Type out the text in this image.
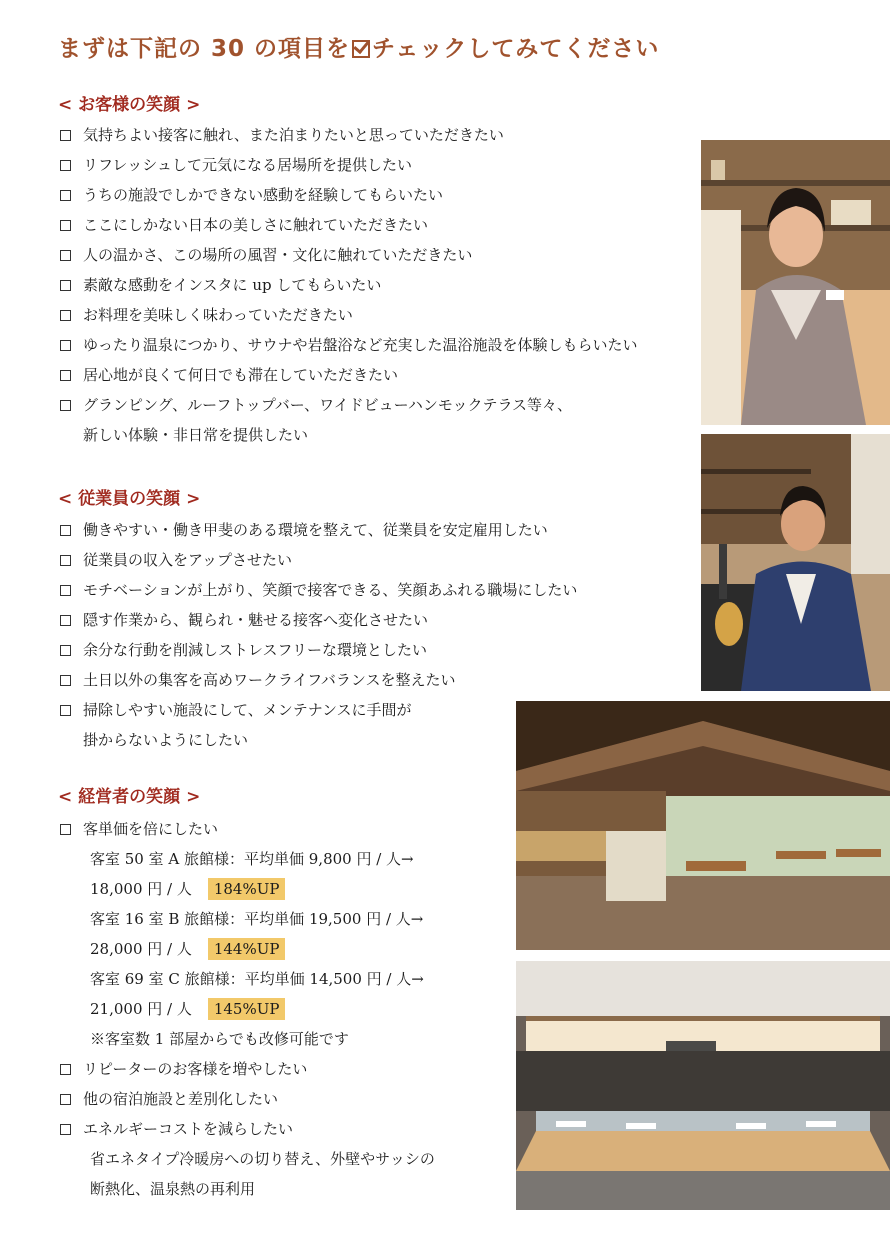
まずは下記の 30 の項目を チェックしてみてください
< お客様の笑顔 >
気持ちよい接客に触れ、また泊まりたいと思っていただきたい
リフレッシュして元気になる居場所を提供したい
うちの施設でしかできない感動を経験してもらいたい
ここにしかない日本の美しさに触れていただきたい
人の温かさ、この場所の風習・文化に触れていただきたい
素敵な感動をインスタに up してもらいたい
お料理を美味しく味わっていただきたい
ゆったり温泉につかり、サウナや岩盤浴など充実した温浴施設を体験しもらいたい
居心地が良くて何日でも滞在していただきたい
グランピング、ルーフトップバー、ワイドビューハンモックテラス等々、
新しい体験・非日常を提供したい
< 従業員の笑顔 >
働きやすい・働き甲斐のある環境を整えて、従業員を安定雇用したい
従業員の収入をアップさせたい
モチベーションが上がり、笑顔で接客できる、笑顔あふれる職場にしたい
隠す作業から、観られ・魅せる接客へ変化させたい
余分な行動を削減しストレスフリーな環境としたい
土日以外の集客を高めワークライフバランスを整えたい
掃除しやすい施設にして、メンテナンスに手間が
掛からないようにしたい
< 経営者の笑顔 >
客単価を倍にしたい
客室 50 室 A 旅館様：平均単価 9,800 円 / 人→
18,000 円 / 人 184%UP
客室 16 室 B 旅館様：平均単価 19,500 円 / 人→
28,000 円 / 人 144%UP
客室 69 室 C 旅館様：平均単価 14,500 円 / 人→
21,000 円 / 人 145%UP
※客室数 1 部屋からでも改修可能です
リピーターのお客様を増やしたい
他の宿泊施設と差別化したい
エネルギーコストを減らしたい
省エネタイプ冷暖房への切り替え、外壁やサッシの
断熱化、温泉熱の再利用
